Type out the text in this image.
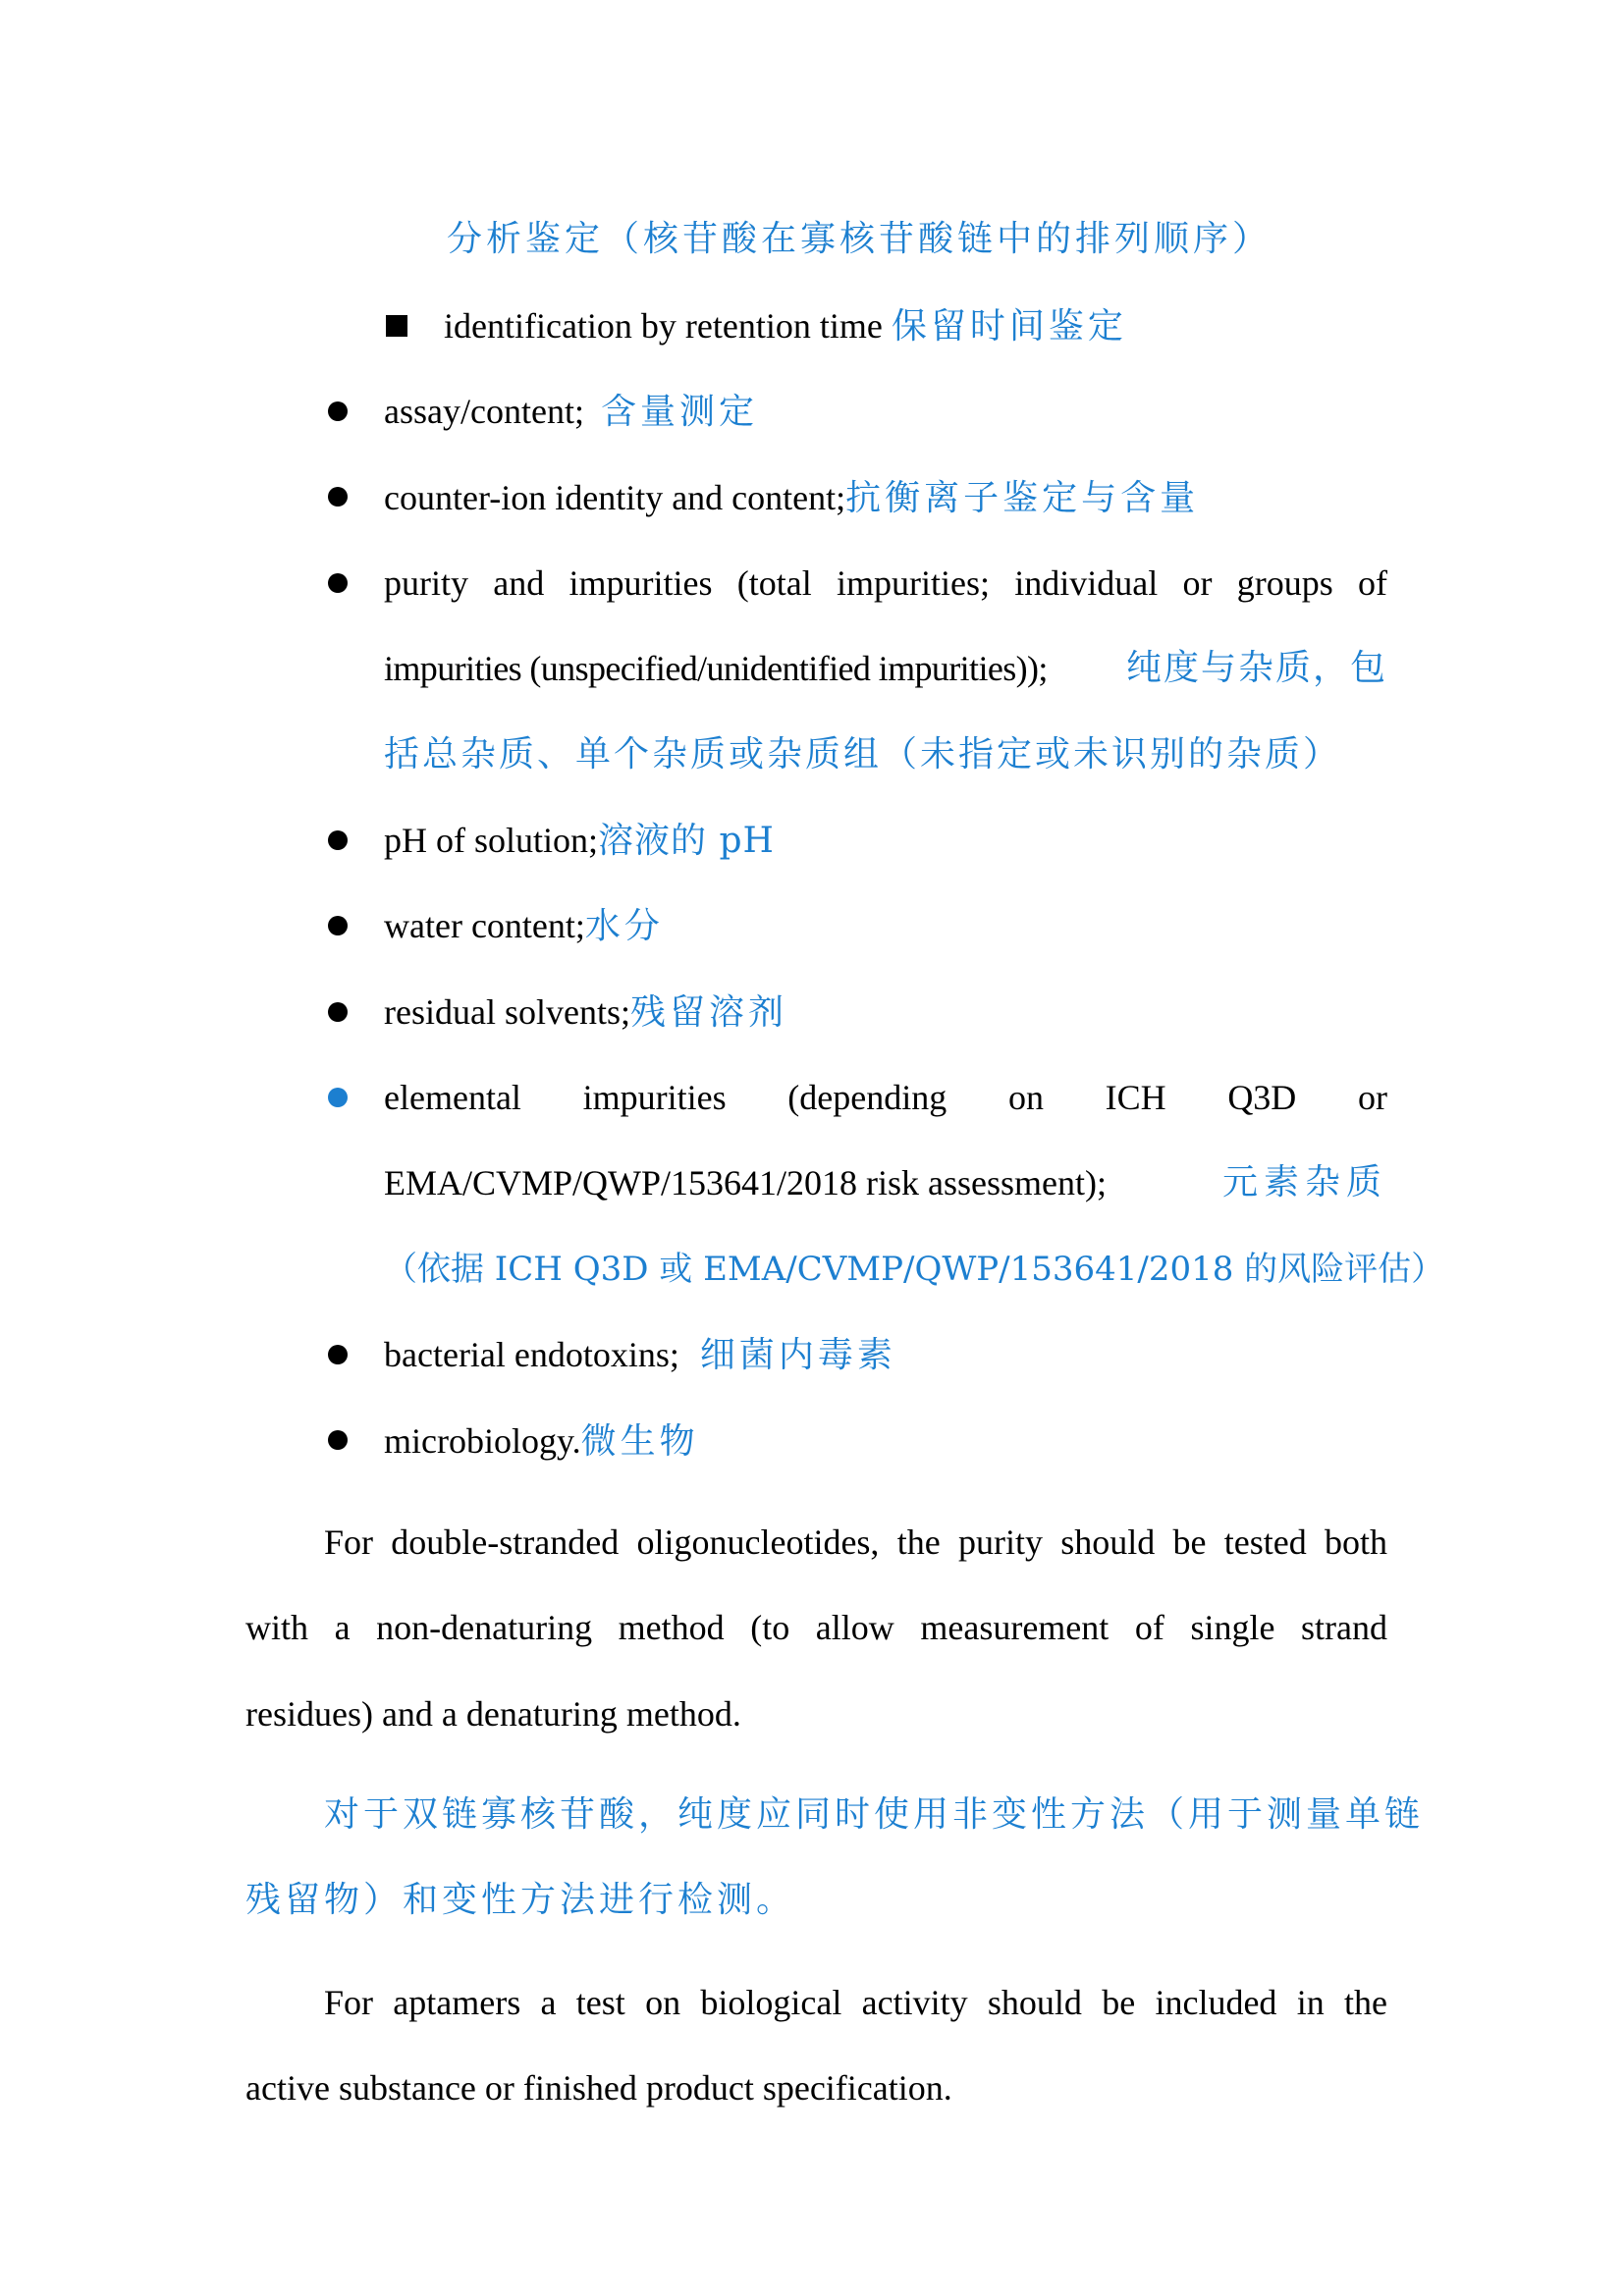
分析鉴定（核苷酸在寡核苷酸链中的排列顺序）
identification by retention time 保留时间鉴定
assay/content; 含量测定
counter-ion identity and content;抗衡离子鉴定与含量
purity and impurities (total impurities; individual or groups of
impurities (unspecified/unidentified impurities)); 纯度与杂质，包
括总杂质、单个杂质或杂质组（未指定或未识别的杂质）
pH of solution;溶液的 pH
water content;水分
residual solvents;残留溶剂
elemental impurities (depending on ICH Q3D or
EMA/CVMP/QWP/153641/2018 risk assessment);	元素杂质
（依据 ICH Q3D 或 EMA/CVMP/QWP/153641/2018 的风险评估）
bacterial endotoxins; 细菌内毒素
microbiology.微生物
For double-stranded oligonucleotides, the purity should be tested both
with a non-denaturing method (to allow measurement of single strand
residues) and a denaturing method.
对于双链寡核苷酸，纯度应同时使用非变性方法（用于测量单链
残留物）和变性方法进行检测。
For aptamers a test on biological activity should be included in the
active substance or finished product specification.
